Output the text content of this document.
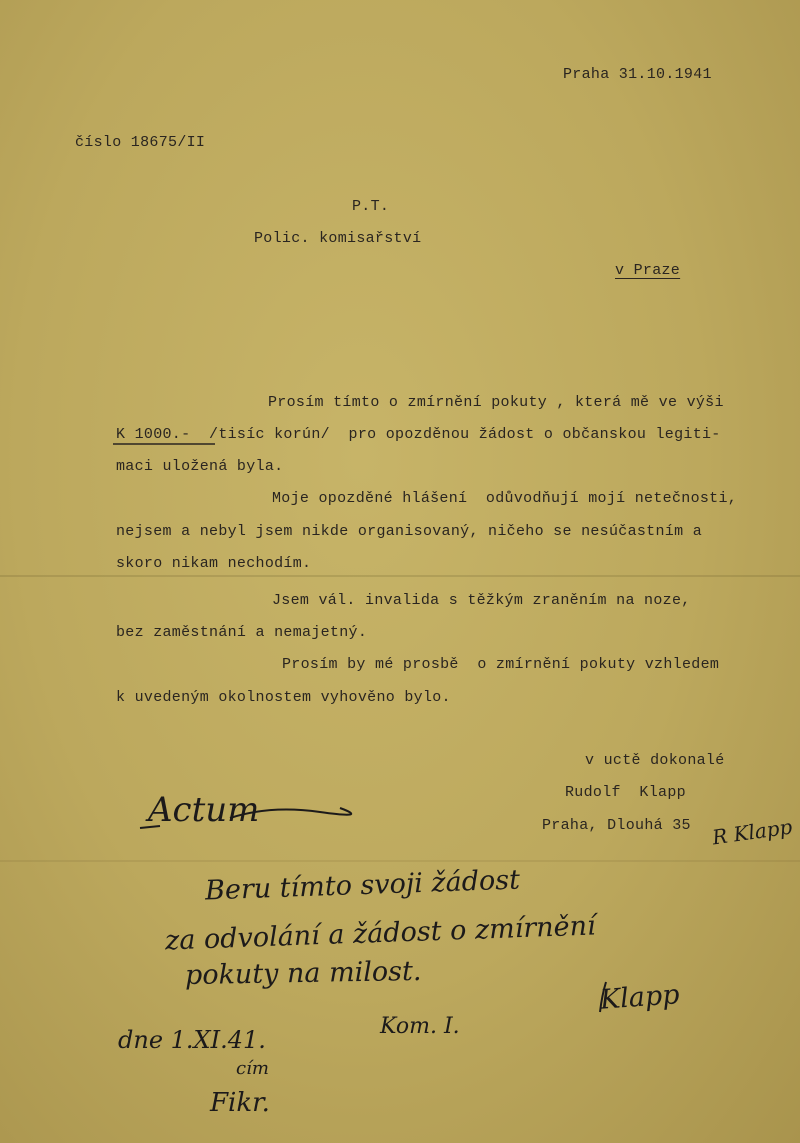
Praha 31.10.1941
číslo 18675/II
P.T.
Polic. komisařství
v Praze
Prosím tímto o zmírnění pokuty , která mě ve výši
K 1000.-  /tisíc korún/  pro opozděnou žádost o občanskou legiti-
maci uložená byla.
Moje opozděné hlášení  odůvodňují mojí netečnosti,
nejsem a nebyl jsem nikde organisovaný, ničeho se nesúčastním a
skoro nikam nechodím.
Jsem vál. invalida s těžkým zraněním na noze,
bez zaměstnání a nemajetný.
Prosím by mé prosbě  o zmírnění pokuty vzhledem
k uvedeným okolnostem vyhověno bylo.
v uctě dokonalé
Rudolf  Klapp
Praha, Dlouhá 35
Actum
R Klapp
Beru tímto svoji žádost
za odvolání a žádost o zmírnění
pokuty na milost.
Klapp
dne 1.XI.41.	Kom. I.
cím
Fikr.
